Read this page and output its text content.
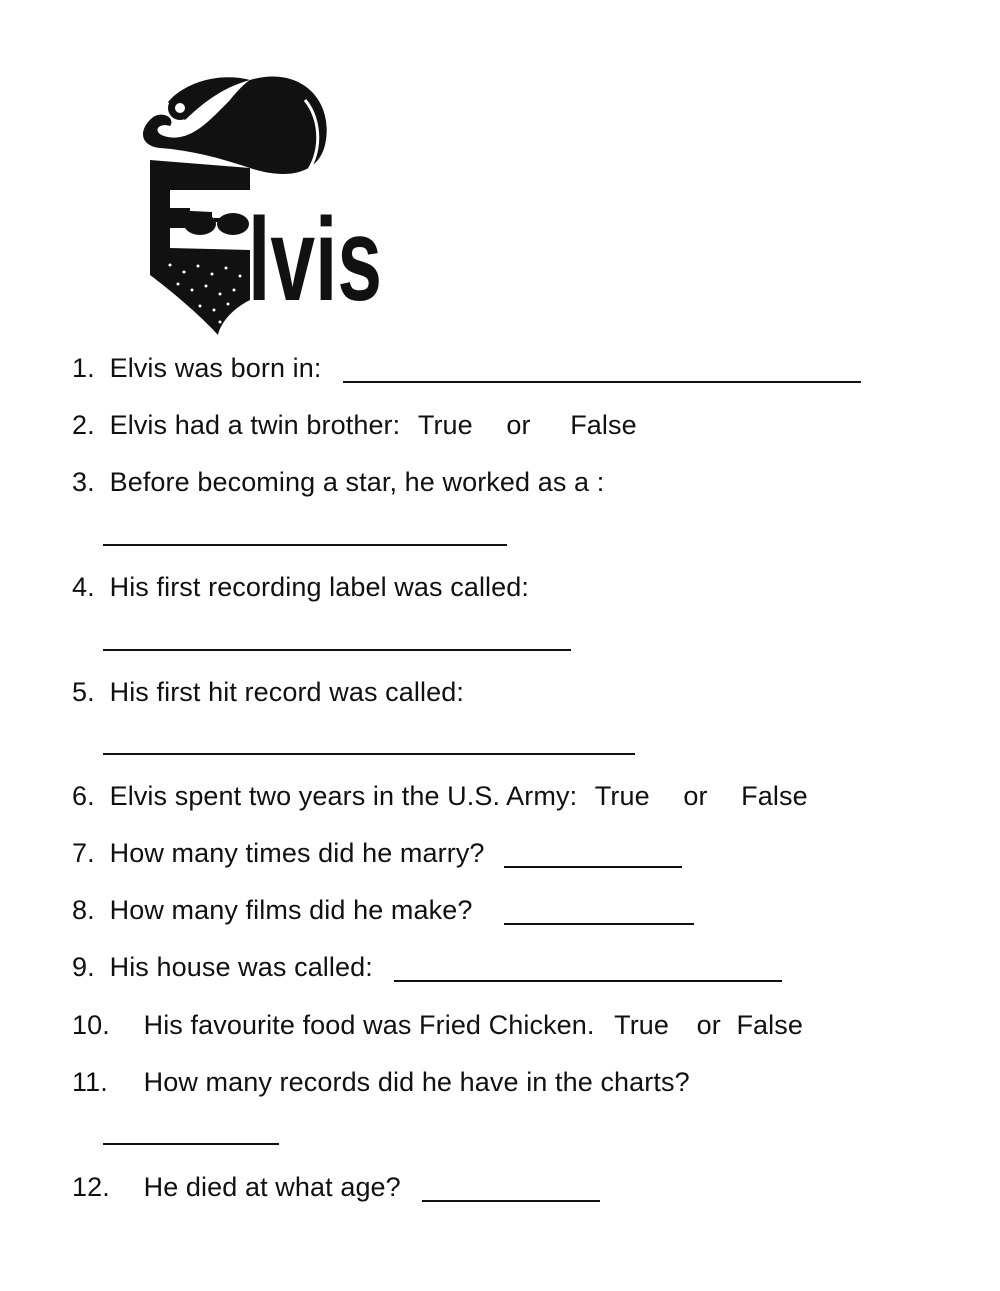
lvis
1. Elvis was born in:
2. Elvis had a twin brother: True or False
3. Before becoming a star, he worked as a :
4. His first recording label was called:
5. His first hit record was called:
6. Elvis spent two years in the U.S. Army: True or False
7. How many times did he marry?
8. How many films did he make?
9. His house was called:
10. His favourite food was Fried Chicken. True or False
11. How many records did he have in the charts?
12. He died at what age?
